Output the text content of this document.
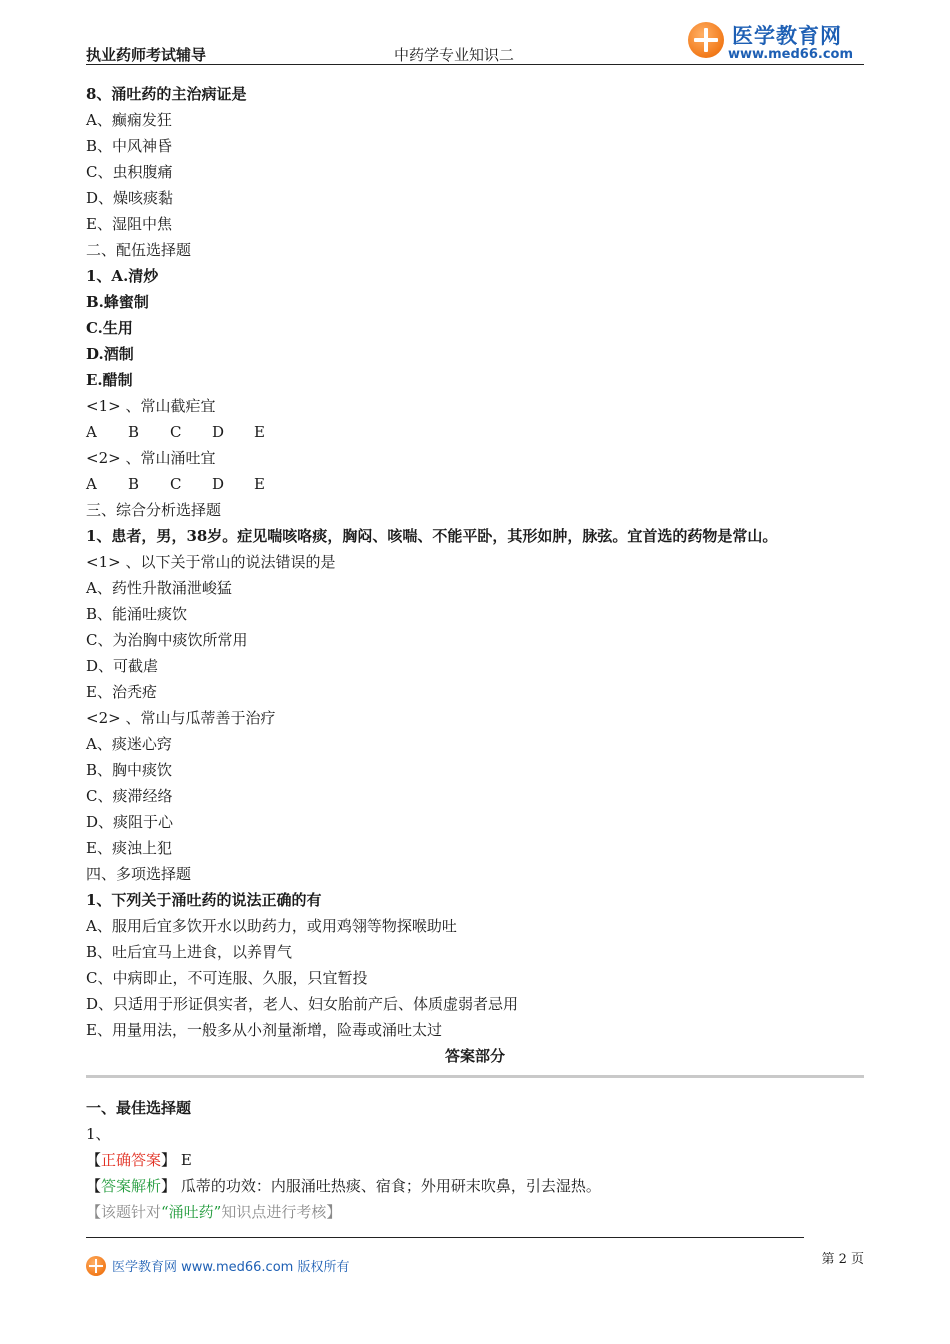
执业药师考试辅导	中药学专业知识二
医学教育网
www.med66.com
8、涌吐药的主治病证是
A、癫痫发狂
B、中风神昏
C、虫积腹痛
D、燥咳痰黏
E、湿阻中焦
二、配伍选择题
1、A.清炒
B.蜂蜜制
C.生用
D.酒制
E.醋制
<1> 、常山截疟宜
A B C D E
<2> 、常山涌吐宜
A B C D E
三、综合分析选择题
1、患者，男，38岁。症见喘咳咯痰，胸闷、咳喘、不能平卧，其形如肿，脉弦。宜首选的药物是常山。
<1> 、以下关于常山的说法错误的是
A、药性升散涌泄峻猛
B、能涌吐痰饮
C、为治胸中痰饮所常用
D、可截虐
E、治秃疮
<2> 、常山与瓜蒂善于治疗
A、痰迷心窍
B、胸中痰饮
C、痰滞经络
D、痰阻于心
E、痰浊上犯
四、多项选择题
1、下列关于涌吐药的说法正确的有
A、服用后宜多饮开水以助药力，或用鸡翎等物探喉助吐
B、吐后宜马上进食，以养胃气
C、中病即止，不可连服、久服，只宜暂投
D、只适用于形证俱实者，老人、妇女胎前产后、体质虚弱者忌用
E、用量用法，一般多从小剂量渐增，险毒或涌吐太过
答案部分
一、最佳选择题
1、
【正确答案】 E
【答案解析】 瓜蒂的功效：内服涌吐热痰、宿食；外用研末吹鼻，引去湿热。
【该题针对“涌吐药”知识点进行考核】
医学教育网 www.med66.com 版权所有
第 2 页
